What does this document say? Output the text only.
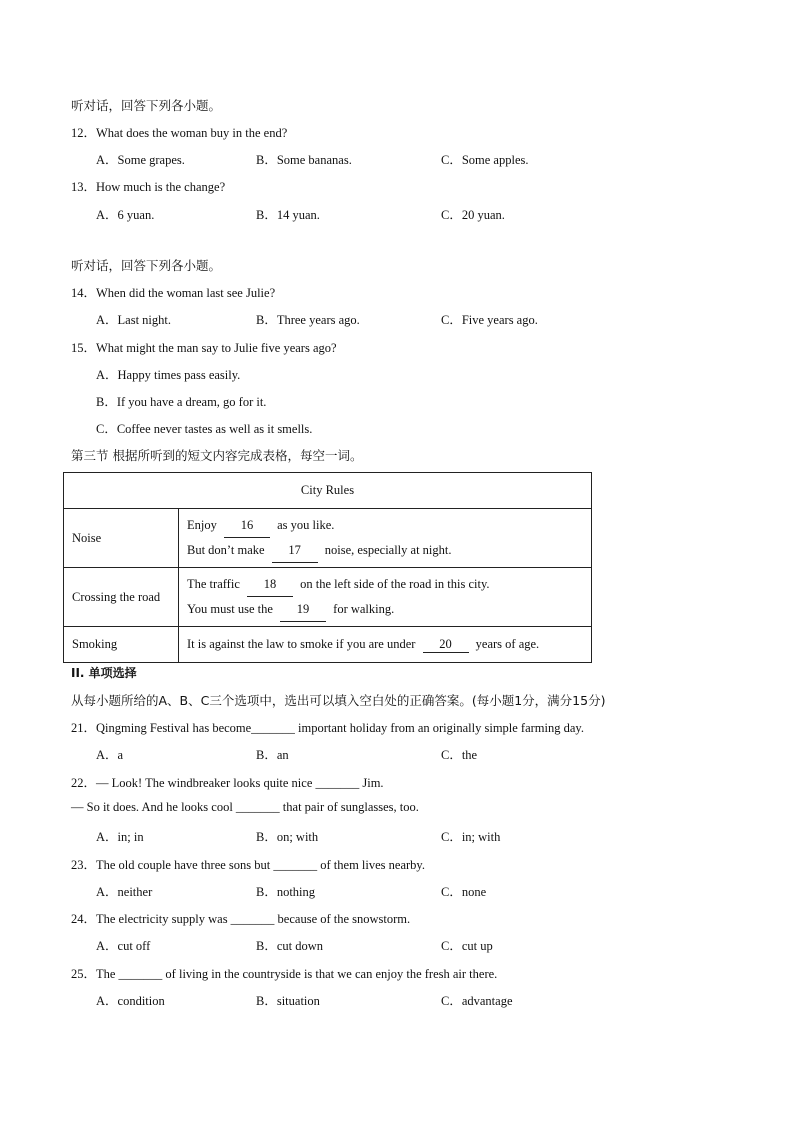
听对话，回答下列各小题。
12．What does the woman buy in the end?
A．Some grapes.	B．Some bananas.	C．Some apples.
13．How much is the change?
A．6 yuan.	B．14 yuan.	C．20 yuan.
听对话，回答下列各小题。
14．When did the woman last see Julie?
A．Last night.	B．Three years ago.	C．Five years ago.
15．What might the man say to Julie five years ago?
A．Happy times pass easily.
B．If you have a dream, go for it.
C．Coffee never tastes as well as it smells.
第三节 根据所听到的短文内容完成表格，每空一词。
City Rules	
Noise	Enjoy 16 as you like.
But don’t make 17 noise, especially at night.

Crossing the road	The traffic 18 on the left side of the road in this city.
You must use the 19 for walking.

Smoking	It is against the law to smoke if you are under 20 years of age.
II. 单项选择
从每小题所给的A、B、C三个选项中，选出可以填入空白处的正确答案。(每小题1分，满分15分)
21．Qingming Festival has become_______ important holiday from an originally simple farming day.
A．a	B．an	C．the
22．— Look! The windbreaker looks quite nice _______ Jim.
— So it does. And he looks cool _______ that pair of sunglasses, too.
A．in; in	B．on; with	C．in; with
23．The old couple have three sons but _______ of them lives nearby.
A．neither	B．nothing	C．none
24．The electricity supply was _______ because of the snowstorm.
A．cut off	B．cut down	C．cut up
25．The _______ of living in the countryside is that we can enjoy the fresh air there.
A．condition	B．situation	C．advantage
